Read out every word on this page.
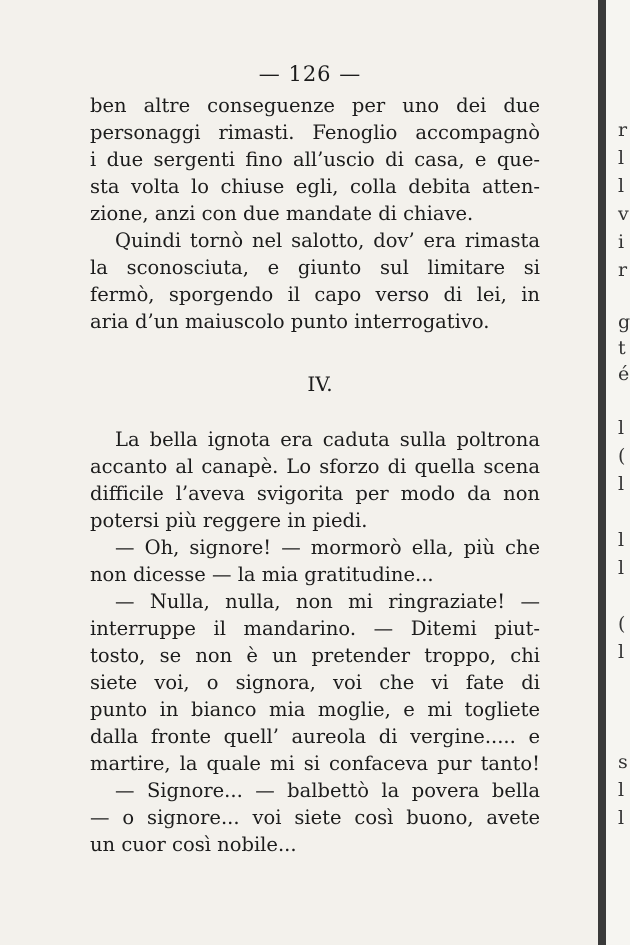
— 126 —
ben altre conseguenze per uno dei due
personaggi rimasti. Fenoglio accompagnò
i due sergenti fino all’uscio di casa, e que-
sta volta lo chiuse egli, colla debita atten-
zione, anzi con due mandate di chiave.
Quindi tornò nel salotto, dov’ era rimasta
la sconosciuta, e giunto sul limitare si
fermò, sporgendo il capo verso di lei, in
aria d’un maiuscolo punto interrogativo.
IV.
La bella ignota era caduta sulla poltrona
accanto al canapè. Lo sforzo di quella scena
difficile l’aveva svigorita per modo da non
potersi più reggere in piedi.
— Oh, signore! — mormorò ella, più che
non dicesse — la mia gratitudine...
— Nulla, nulla, non mi ringraziate! —
interruppe il mandarino. — Ditemi piut-
tosto, se non è un pretender troppo, chi
siete voi, o signora, voi che vi fate di
punto in bianco mia moglie, e mi togliete
dalla fronte quell’ aureola di vergine..... e
martire, la quale mi si confaceva pur tanto!
— Signore... — balbettò la povera bella
— o signore... voi siete così buono, avete
un cuor così nobile...
r
l
l
v
i
r
g
t
é
l
(
l
l
l
(
l
s
l
l
